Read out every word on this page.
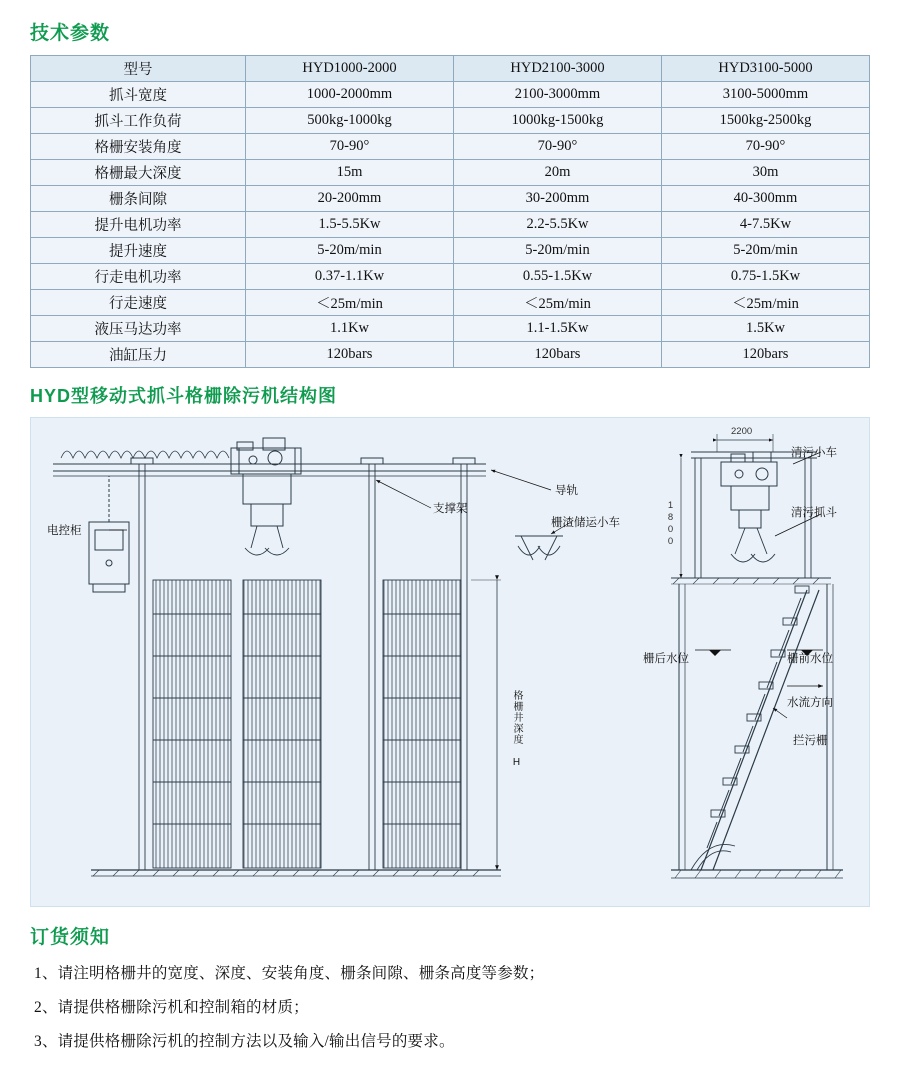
技术参数
型号	HYD1000-2000	HYD2100-3000	HYD3100-5000
抓斗宽度	1000-2000mm	2100-3000mm	3100-5000mm
抓斗工作负荷	500kg-1000kg	1000kg-1500kg	1500kg-2500kg
格栅安装角度	70-90°	70-90°	70-90°
格栅最大深度	15m	20m	30m
栅条间隙	20-200mm	30-200mm	40-300mm
提升电机功率	1.5-5.5Kw	2.2-5.5Kw	4-7.5Kw
提升速度	5-20m/min	5-20m/min	5-20m/min
行走电机功率	0.37-1.1Kw	0.55-1.5Kw	0.75-1.5Kw
行走速度	＜25m/min	＜25m/min	＜25m/min
液压马达功率	1.1Kw	1.1-1.5Kw	1.5Kw
油缸压力	120bars	120bars	120bars
HYD型移动式抓斗格栅除污机结构图
电控柜
支撑架
导轨
栅渣储运小车
格栅井深度 H
2200
1800
清污小车
清污抓斗
栅后水位	栅前水位
水流方向
拦污栅
订货须知
1、请注明格栅井的宽度、深度、安装角度、栅条间隙、栅条高度等参数；
2、请提供格栅除污机和控制箱的材质；
3、请提供格栅除污机的控制方法以及输入/输出信号的要求。
